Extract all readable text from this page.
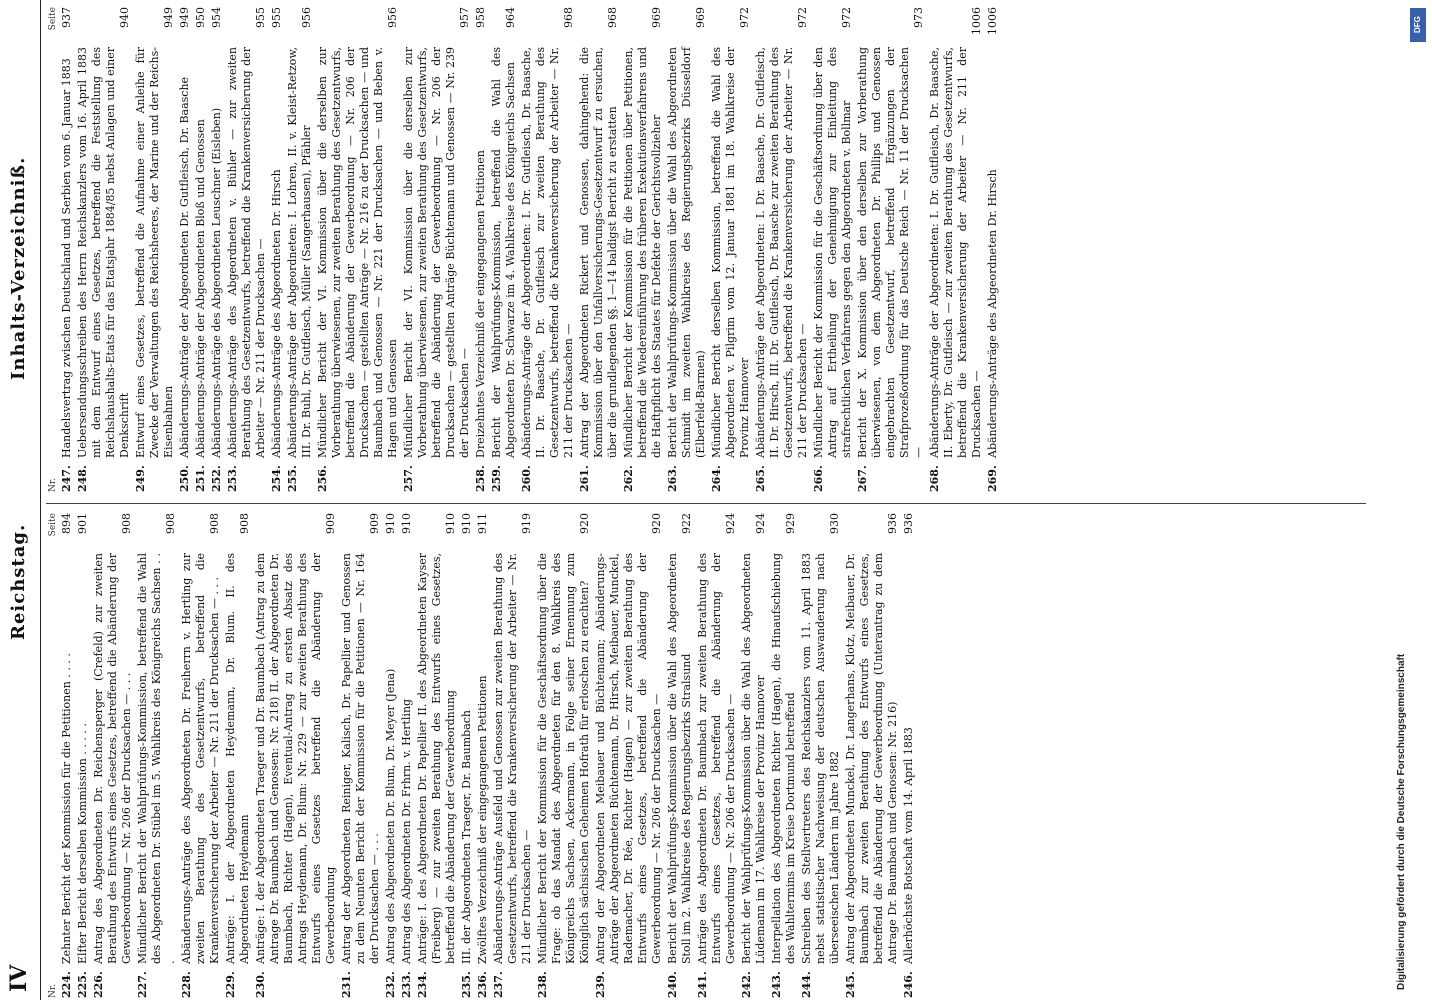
IV
Reichstag.
Inhalts-Verzeichniß.
Nr.
Seite
224.
Zehnter Bericht der Kommission für die Petitionen . . . .
894
225.
Elfter Bericht derselben Kommission . . . . .
901
226.
Antrag des Abgeordneten Dr. Reichensperger (Crefeld) zur zweiten Berathung des Entwurfs eines Gesetzes, betreffend die Abänderung der Gewerbeordnung — Nr. 206 der Drucksachen — . . .
908
227.
Mündlicher Bericht der Wahlprüfungs-Kommission, betreffend die Wahl des Abgeordneten Dr. Stübel im 5. Wahlkreis des Königreichs Sachsen . . .
908
228.
Abänderungs-Anträge des Abgeordneten Dr. Freiherrn v. Hertling zur zweiten Berathung des Gesetzentwurfs, betreffend die Krankenversicherung der Arbeiter — Nr. 211 der Drucksachen — . . .
908
229.
Anträge: I. der Abgeordneten Heydemann, Dr. Blum. II. des Abgeordneten Heydemann
908
230.
Anträge: I. der Abgeordneten Traeger und Dr. Baumbach (Antrag zu dem Antrage Dr. Baumbach und Genossen: Nr. 218) II. der Abgeordneten Dr. Baumbach, Richter (Hagen), Eventual-Antrag zu ersten Absatz des Antrags Heydemann, Dr. Blum: Nr. 229 — zur zweiten Berathung des Entwurfs eines Gesetzes betreffend die Abänderung der Gewerbeordnung
909
231.
Antrag der Abgeordneten Reiniger, Kalisch, Dr. Papellier und Genossen zu dem Neunten Bericht der Kommission für die Petitionen — Nr. 164 der Drucksachen — . . .
909
232.
Antrag des Abgeordneten Dr. Blum, Dr. Meyer (Jena)
910
233.
Antrag des Abgeordneten Dr. Frhrn. v. Hertling
910
234.
Anträge: I. des Abgeordneten Dr. Papellier II. des Abgeordneten Kayser (Freiberg) — zur zweiten Berathung des Entwurfs eines Gesetzes, betreffend die Abänderung der Gewerbeordnung
910
235.
III. der Abgeordneten Traeger, Dr. Baumbach
910
236.
Zwölftes Verzeichniß der eingegangenen Petitionen
911
237.
Abänderungs-Anträge Ausfeld und Genossen zur zweiten Berathung des Gesetzentwurfs, betreffend die Krankenversicherung der Arbeiter — Nr. 211 der Drucksachen —
919
238.
Mündlicher Bericht der Kommission für die Geschäftsordnung über die Frage: ob das Mandat des Abgeordneten für den 8. Wahlkreis des Königreichs Sachsen, Ackermann, in Folge seiner Ernennung zum Königlich sächsischen Geheimen Hofrath für erloschen zu erachten?
920
239.
Antrag der Abgeordneten Meibauer und Büchtemann; Abänderungs-Anträge der Abgeordneten Büchtemann, Dr. Hirsch, Meibauer, Munckel, Rademacher, Dr. Rée, Richter (Hagen) — zur zweiten Berathung des Entwurfs eines Gesetzes, betreffend die Abänderung der Gewerbeordnung — Nr. 206 der Drucksachen —
920
240.
Bericht der Wahlprüfungs-Kommission über die Wahl des Abgeordneten Stoll im 2. Wahlkreise des Regierungsbezirks Stralsund
922
241.
Anträge des Abgeordneten Dr. Baumbach zur zweiten Berathung des Entwurfs eines Gesetzes, betreffend die Abänderung der Gewerbeordnung — Nr. 206 der Drucksachen —
924
242.
Bericht der Wahlprüfungs-Kommission über die Wahl des Abgeordneten Lüdemann im 17. Wahlkreise der Provinz Hannover
924
243.
Interpellation des Abgeordneten Richter (Hagen), die Hinaufschiebung des Wahltermins im Kreise Dortmund betreffend
929
244.
Schreiben des Stellvertreters des Reichskanzlers vom 11. April 1883 nebst statistischer Nachweisung der deutschen Auswanderung nach überseeischen Ländern im Jahre 1882
930
245.
Antrag der Abgeordneten Munckel, Dr. Langerhans, Klotz, Meibauer, Dr. Baumbach zur zweiten Berathung des Entwurfs eines Gesetzes, betreffend die Abänderung der Gewerbeordnung (Unterantrag zu dem Antrage Dr. Baumbach und Genossen: Nr. 216)
936
246.
Allerhöchste Botschaft vom 14. April 1883
936
Nr.
Seite
247.
Handelsvertrag zwischen Deutschland und Serbien vom 6. Januar 1883
937
248.
Uebersendungsschreiben des Herrn Reichskanzlers vom 16. April 1883 mit dem Entwurf eines Gesetzes, betreffend die Feststellung des Reichshaushalts-Etats für das Etatsjahr 1884/85 nebst Anlagen und einer Denkschrift
940
249.
Entwurf eines Gesetzes, betreffend die Aufnahme einer Anleihe für Zwecke der Verwaltungen des Reichsheeres, der Marine und der Reichs-Eisenbahnen
949
250.
Abänderungs-Anträge der Abgeordneten Dr. Gutfleisch, Dr. Baasche
949
251.
Abänderungs-Anträge der Abgeordneten Bloß und Genossen
950
252.
Abänderungs-Anträge des Abgeordneten Leuschner (Eisleben)
954
253.
Abänderungs-Anträge des Abgeordneten v. Bühler — zur zweiten Berathung des Gesetzentwurfs, betreffend die Krankenversicherung der Arbeiter — Nr. 211 der Drucksachen —
955
254.
Abänderungs-Anträge des Abgeordneten Dr. Hirsch
955
255.
Abänderungs-Anträge der Abgeordneten: I. Lohren, II. v. Kleist-Retzow, III. Dr. Buhl, Dr. Gutfleisch, Müller (Sangerhausen), Pfähler
956
256.
Mündlicher Bericht der VI. Kommission über die derselben zur Vorberathung überwiesenen, zur zweiten Berathung des Gesetzentwurfs, betreffend die Abänderung der Gewerbeordnung — Nr. 206 der Drucksachen — gestellten Anträge — Nr. 216 zu der Drucksachen — und Baumbach und Genossen — Nr. 221 der Drucksachen — und Beben v. Hagen und Genossen
956
257.
Mündlicher Bericht der VI. Kommission über die derselben zur Vorberathung überwiesenen, zur zweiten Berathung des Gesetzentwurfs, betreffend die Abänderung der Gewerbeordnung — Nr. 206 der Drucksachen — gestellten Anträge Büchtemann und Genossen — Nr. 239 der Drucksachen —
957
258.
Dreizehntes Verzeichniß der eingegangenen Petitionen
958
259.
Bericht der Wahlprüfungs-Kommission, betreffend die Wahl des Abgeordneten Dr. Schwarze im 4. Wahlkreise des Königreichs Sachsen
964
260.
Abänderungs-Anträge der Abgeordneten: I. Dr. Gutfleisch, Dr. Baasche, II. Dr. Baasche, Dr. Gutfleisch zur zweiten Berathung des Gesetzentwurfs, betreffend die Krankenversicherung der Arbeiter — Nr. 211 der Drucksachen —
968
261.
Antrag der Abgeordneten Rickert und Genossen, dahingehend: die Kommission über den Unfallversicherungs-Gesetzentwurf zu ersuchen, über die grundlegenden §§. 1—14 baldigst Bericht zu erstatten
968
262.
Mündlicher Bericht der Kommission für die Petitionen über Petitionen, betreffend die Wiedereinführung des früheren Exekutionsverfahrens und die Haftpflicht des Staates für Defekte der Gerichtsvollzieher
969
263.
Bericht der Wahlprüfungs-Kommission über die Wahl des Abgeordneten Schmidt im zweiten Wahlkreise des Regierungsbezirks Düsseldorf (Elberfeld-Barmen)
969
264.
Mündlicher Bericht derselben Kommission, betreffend die Wahl des Abgeordneten v. Pilgrim vom 12. Januar 1881 im 18. Wahlkreise der Provinz Hannover
972
265.
Abänderungs-Anträge der Abgeordneten: I. Dr. Baasche, Dr. Gutfleisch, II. Dr. Hirsch, III. Dr. Gutfleisch, Dr. Baasche zur zweiten Berathung des Gesetzentwurfs, betreffend die Krankenversicherung der Arbeiter — Nr. 211 der Drucksachen —
972
266.
Mündlicher Bericht der Kommission für die Geschäftsordnung über den Antrag auf Ertheilung der Genehmigung zur Einleitung des strafrechtlichen Verfahrens gegen den Abgeordneten v. Bollmar
972
267.
Bericht der X. Kommission über den derselben zur Vorberathung überwiesenen, von dem Abgeordneten Dr. Phillips und Genossen eingebrachten Gesetzentwurf, betreffend Ergänzungen der Strafprozeßordnung für das Deutsche Reich — Nr. 11 der Drucksachen —
973
268.
Abänderungs-Anträge der Abgeordneten: I. Dr. Gutfleisch, Dr. Baasche, II. Eberty, Dr. Gutfleisch — zur zweiten Berathung des Gesetzentwurfs, betreffend die Krankenversicherung der Arbeiter — Nr. 211 der Drucksachen —
1006
269.
Abänderungs-Anträge des Abgeordneten Dr. Hirsch
1006	DFG
Digitalisierung gefördert durch die Deutsche Forschungsgemeinschaft
